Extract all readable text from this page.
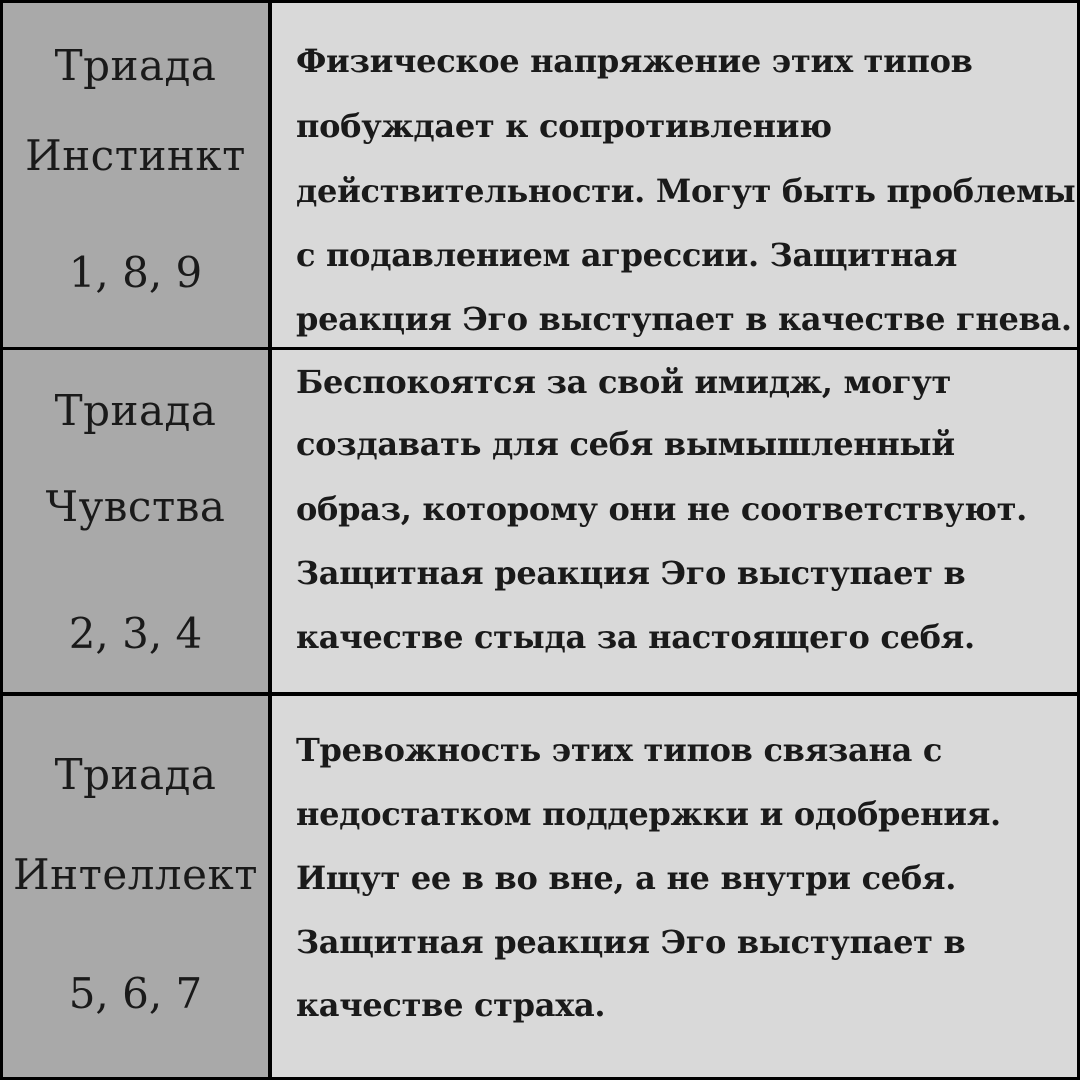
Триада
Инстинкт
1, 8, 9
Физическое напряжение этих типов
побуждает к сопротивлению
действительности. Могут быть проблемы
с подавлением агрессии. Защитная
реакция Эго выступает в качестве гнева.
Триада
Чувства
2, 3, 4
Беспокоятся за свой имидж, могут
создавать для себя вымышленный
образ, которому они не соответствуют.
Защитная реакция Эго выступает в
качестве стыда за настоящего себя.
Триада
Интеллект
5, 6, 7
Тревожность этих типов связана с
недостатком поддержки и одобрения.
Ищут ее в во вне, а не внутри себя.
Защитная реакция Эго выступает в
качестве страха.
